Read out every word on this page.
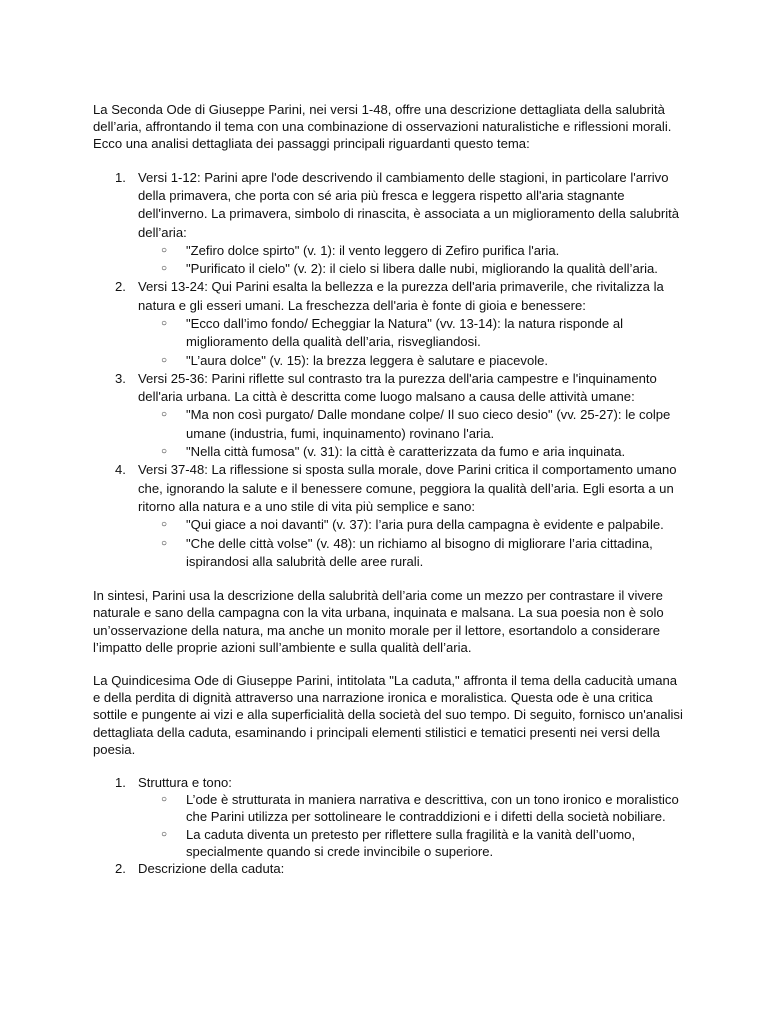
La Seconda Ode di Giuseppe Parini, nei versi 1-48, offre una descrizione dettagliata della salubrità dell’aria, affrontando il tema con una combinazione di osservazioni naturalistiche e riflessioni morali. Ecco una analisi dettagliata dei passaggi principali riguardanti questo tema:

1. Versi 1-12: Parini apre l'ode descrivendo il cambiamento delle stagioni, in particolare l'arrivo della primavera, che porta con sé aria più fresca e leggera rispetto all'aria stagnante dell'inverno. La primavera, simbolo di rinascita, è associata a un miglioramento della salubrità dell’aria:
○ "Zefiro dolce spirto" (v. 1): il vento leggero di Zefiro purifica l'aria.
○ "Purificato il cielo" (v. 2): il cielo si libera dalle nubi, migliorando la qualità dell’aria.
2. Versi 13-24: Qui Parini esalta la bellezza e la purezza dell'aria primaverile, che rivitalizza la natura e gli esseri umani. La freschezza dell'aria è fonte di gioia e benessere:
○ "Ecco dall’imo fondo/ Echeggiar la Natura" (vv. 13-14): la natura risponde al miglioramento della qualità dell’aria, risvegliandosi.
○ "L’aura dolce" (v. 15): la brezza leggera è salutare e piacevole.
3. Versi 25-36: Parini riflette sul contrasto tra la purezza dell'aria campestre e l'inquinamento dell'aria urbana. La città è descritta come luogo malsano a causa delle attività umane:
○ "Ma non così purgato/ Dalle mondane colpe/ Il suo cieco desio" (vv. 25-27): le colpe umane (industria, fumi, inquinamento) rovinano l'aria.
○ "Nella città fumosa" (v. 31): la città è caratterizzata da fumo e aria inquinata.
4. Versi 37-48: La riflessione si sposta sulla morale, dove Parini critica il comportamento umano che, ignorando la salute e il benessere comune, peggiora la qualità dell’aria. Egli esorta a un ritorno alla natura e a uno stile di vita più semplice e sano:
○ "Qui giace a noi davanti" (v. 37): l’aria pura della campagna è evidente e palpabile.
○ "Che delle città volse" (v. 48): un richiamo al bisogno di migliorare l’aria cittadina, ispirandosi alla salubrità delle aree rurali.

In sintesi, Parini usa la descrizione della salubrità dell’aria come un mezzo per contrastare il vivere naturale e sano della campagna con la vita urbana, inquinata e malsana. La sua poesia non è solo un’osservazione della natura, ma anche un monito morale per il lettore, esortandolo a considerare l’impatto delle proprie azioni sull’ambiente e sulla qualità dell’aria.

La Quindicesima Ode di Giuseppe Parini, intitolata "La caduta," affronta il tema della caducità umana e della perdita di dignità attraverso una narrazione ironica e moralistica. Questa ode è una critica sottile e pungente ai vizi e alla superficialità della società del suo tempo. Di seguito, fornisco un'analisi dettagliata della caduta, esaminando i principali elementi stilistici e tematici presenti nei versi della poesia.

1. Struttura e tono:
○ L’ode è strutturata in maniera narrativa e descrittiva, con un tono ironico e moralistico che Parini utilizza per sottolineare le contraddizioni e i difetti della società nobiliare.
○ La caduta diventa un pretesto per riflettere sulla fragilità e la vanità dell’uomo, specialmente quando si crede invincibile o superiore.
2. Descrizione della caduta:
